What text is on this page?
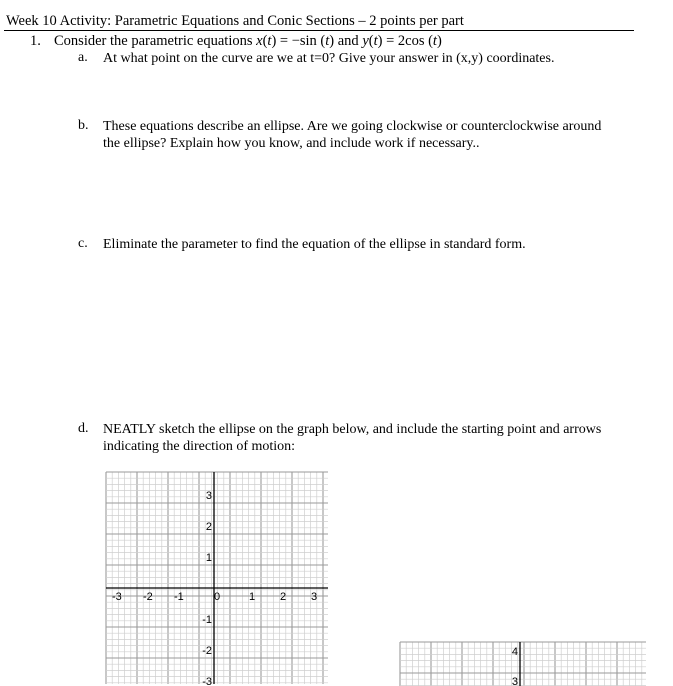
Week 10 Activity: Parametric Equations and Conic Sections – 2 points per part
1. Consider the parametric equations x(t) = −sin (t) and y(t) = 2cos (t)
a. At what point on the curve are we at t=0? Give your answer in (x,y) coordinates.
b. These equations describe an ellipse. Are we going clockwise or counterclockwise around
the ellipse? Explain how you know, and include work if necessary..
c. Eliminate the parameter to find the equation of the ellipse in standard form.
d. NEATLY sketch the ellipse on the graph below, and include the starting point and arrows
indicating the direction of motion:
-3 -2 -1	0	1 2 3
3
2
1
-1
-2
-3
4
3
